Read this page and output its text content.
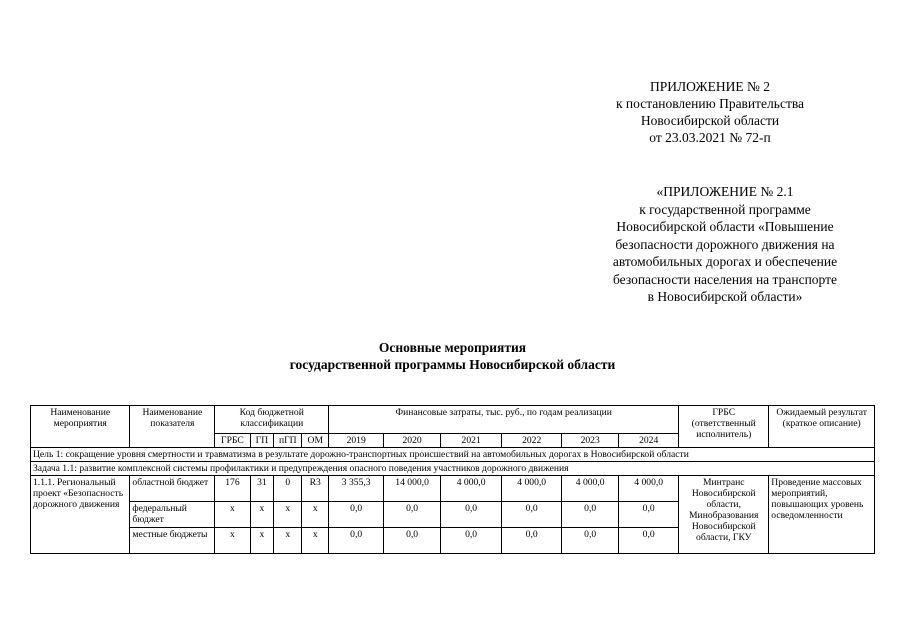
ПРИЛОЖЕНИЕ № 2
к постановлению Правительства
Новосибирской области
от 23.03.2021 № 72-п
«ПРИЛОЖЕНИЕ № 2.1
к государственной программе
Новосибирской области «Повышение
безопасности дорожного движения на
автомобильных дорогах и обеспечение
безопасности населения на транспорте
в Новосибирской области»
Основные мероприятия
государственной программы Новосибирской области
Наименование мероприятия	Наименование показателя	Код бюджетной классификации				Финансовые затраты, тыс. руб., по годам реализации						ГРБС (ответственный исполнитель)	Ожидаемый результат (краткое описание)
		ГРБС	ГП	пГП	ОМ	2019	2020	2021	2022	2023	2024		
Цель 1: сокращение уровня смертности и травматизма в результате дорожно-транспортных происшествий на автомобильных дорогах в Новосибирской области													
Задача 1.1: развитие комплексной системы профилактики и предупреждения опасного поведения участников дорожного движения													
1.1.1. Региональный проект «Безопасность дорожного движения	областной бюджет	176	31	0	R3	3 355,3	14 000,0	4 000,0	4 000,0	4 000,0	4 000,0	Минтранс Новосибирской области, Минобразования Новосибирской области, ГКУ	Проведение массовых мероприятий, повышающих уровень осведомленности
	федеральный бюджет	x	x	x	x	0,0	0,0	0,0	0,0	0,0	0,0		
	местные бюджеты	x	x	x	x	0,0	0,0	0,0	0,0	0,0	0,0		
